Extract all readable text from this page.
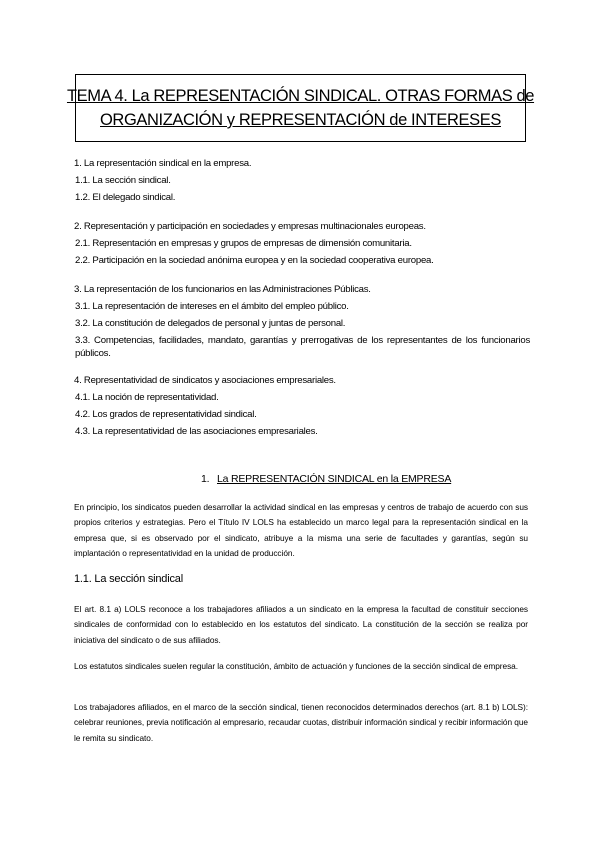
TEMA 4. La REPRESENTACIÓN SINDICAL. OTRAS FORMAS de
ORGANIZACIÓN y REPRESENTACIÓN de INTERESES
1. La representación sindical en la empresa.
1.1. La sección sindical.
1.2. El delegado sindical.
2. Representación y participación en sociedades y empresas multinacionales europeas.
2.1. Representación en empresas y grupos de empresas de dimensión comunitaria.
2.2. Participación en la sociedad anónima europea y en la sociedad cooperativa europea.
3. La representación de los funcionarios en las Administraciones Públicas.
3.1. La representación de intereses en el ámbito del empleo público.
3.2. La constitución de delegados de personal y juntas de personal.
3.3. Competencias, facilidades, mandato, garantías y prerrogativas de los representantes de los funcionarios públicos.
4. Representatividad de sindicatos y asociaciones empresariales.
4.1. La noción de representatividad.
4.2. Los grados de representatividad sindical.
4.3. La representatividad de las asociaciones empresariales.
1. La REPRESENTACIÓN SINDICAL en la EMPRESA
En principio, los sindicatos pueden desarrollar la actividad sindical en las empresas y centros de trabajo de acuerdo con sus propios criterios y estrategias. Pero el Título IV LOLS ha establecido un marco legal para la representación sindical en la empresa que, si es observado por el sindicato, atribuye a la misma una serie de facultades y garantías, según su implantación o representatividad en la unidad de producción.
1.1. La sección sindical
El art. 8.1 a) LOLS reconoce a los trabajadores afiliados a un sindicato en la empresa la facultad de constituir secciones sindicales de conformidad con lo establecido en los estatutos del sindicato. La constitución de la sección se realiza por iniciativa del sindicato o de sus afiliados.
Los estatutos sindicales suelen regular la constitución, ámbito de actuación y funciones de la sección sindical de empresa.
Los trabajadores afiliados, en el marco de la sección sindical, tienen reconocidos determinados derechos (art. 8.1 b) LOLS): celebrar reuniones, previa notificación al empresario, recaudar cuotas, distribuir información sindical y recibir información que le remita su sindicato.
